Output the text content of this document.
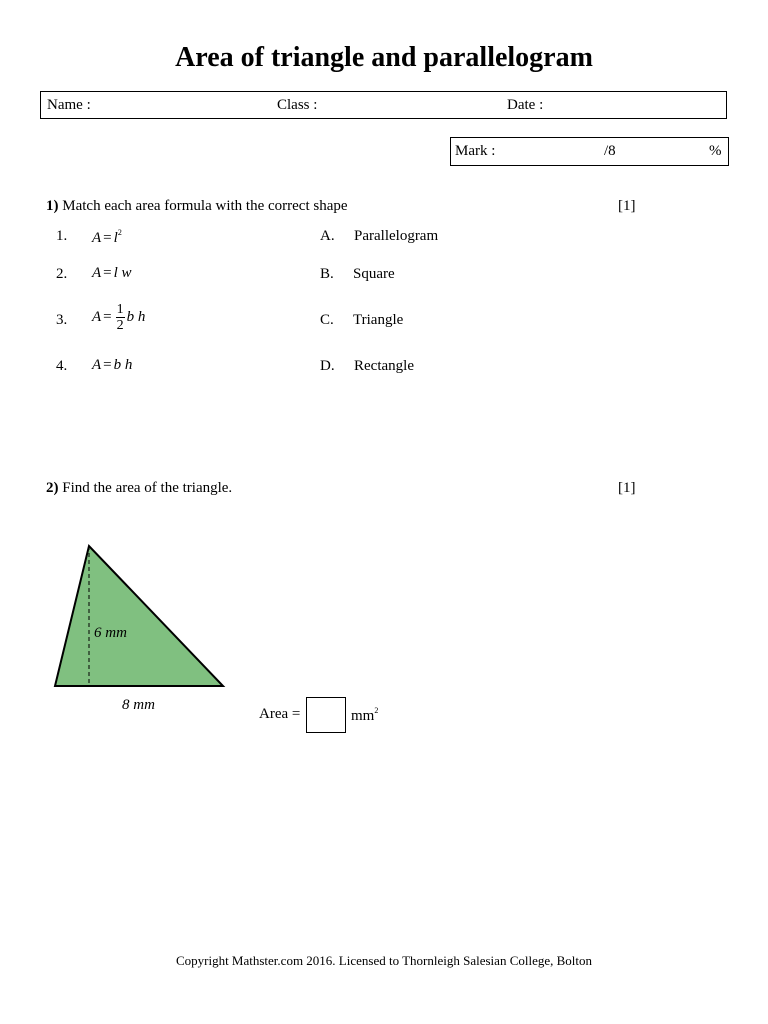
Area of triangle and parallelogram
Name :	Class :	Date :
Mark :	/8	%
1) Match each area formula with the correct shape	[1]
1. $A = l^2$
2. A = l w
3. $A = \frac{1}{2}$ b h
4. A = b h
A. Parallelogram
B. Square
C. Triangle
D. Rectangle
2) Find the area of the triangle.	[1]
6 mm
8 mm
Area =	$mm^2$
Copyright Mathster.com 2016. Licensed to Thornleigh Salesian College, Bolton
